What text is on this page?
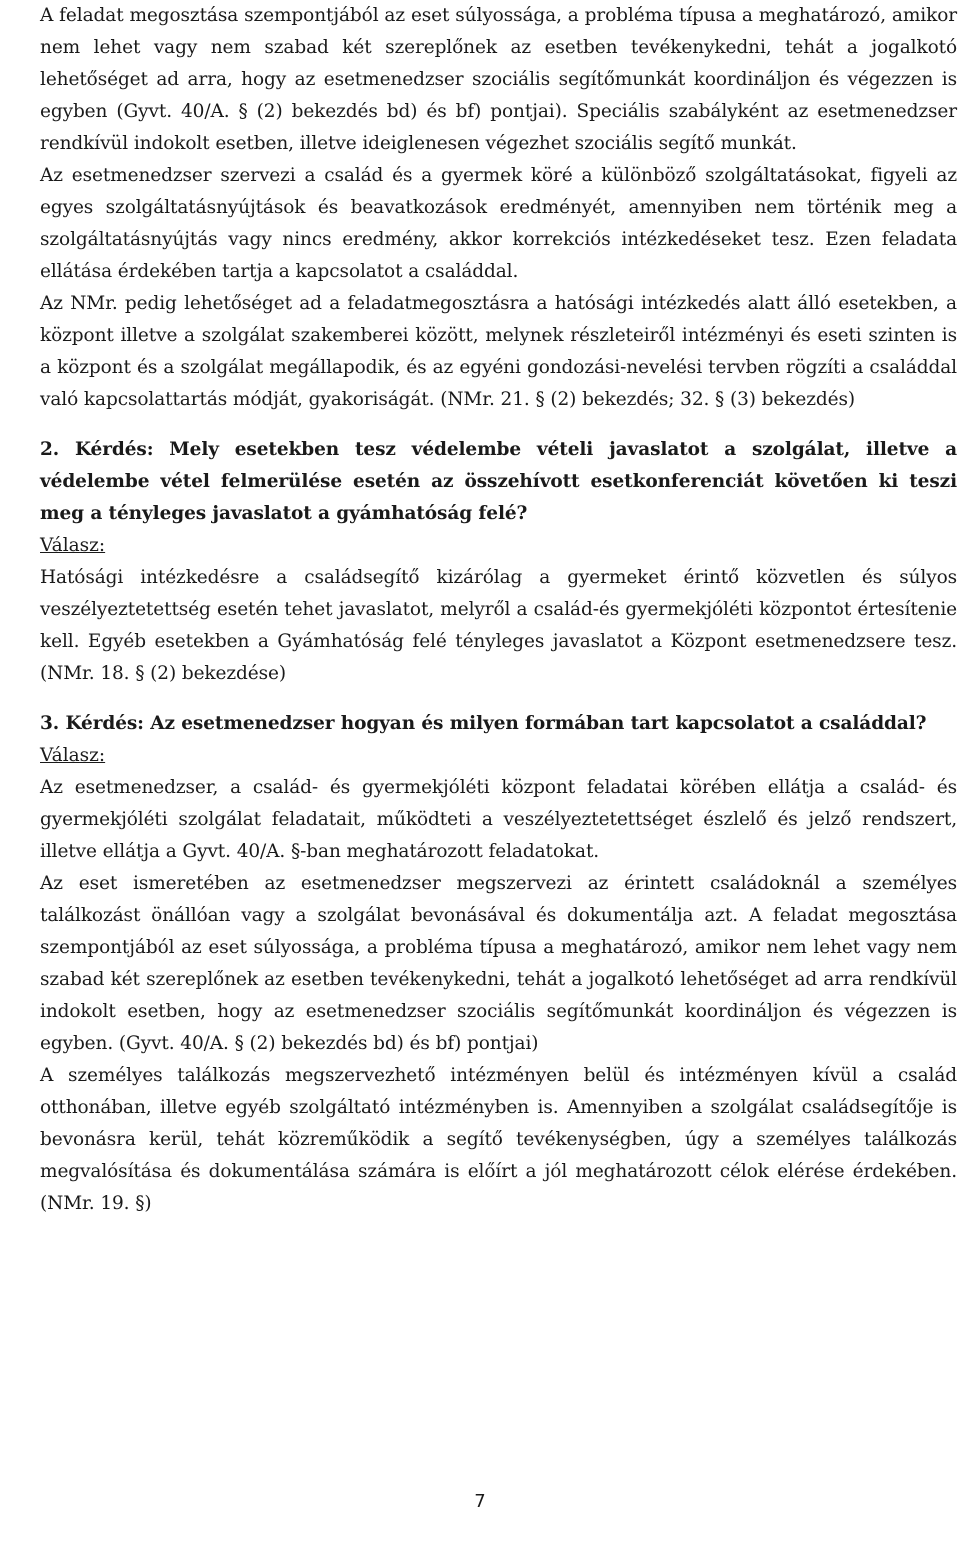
A feladat megosztása szempontjából az eset súlyossága, a probléma típusa a meghatározó, amikor nem lehet vagy nem szabad két szereplőnek az esetben tevékenykedni, tehát a jogalkotó lehetőséget ad arra, hogy az esetmenedzser szociális segítőmunkát koordináljon és végezzen is egyben (Gyvt. 40/A. § (2) bekezdés bd) és bf) pontjai). Speciális szabályként az esetmenedzser rendkívül indokolt esetben, illetve ideiglenesen végezhet szociális segítő munkát.

Az esetmenedzser szervezi a család és a gyermek köré a különböző szolgáltatásokat, figyeli az egyes szolgáltatásnyújtások és beavatkozások eredményét, amennyiben nem történik meg a szolgáltatásnyújtás vagy nincs eredmény, akkor korrekciós intézkedéseket tesz. Ezen feladata ellátása érdekében tartja a kapcsolatot a családdal.

Az NMr. pedig lehetőséget ad a feladatmegosztásra a hatósági intézkedés alatt álló esetekben, a központ illetve a szolgálat szakemberei között, melynek részleteiről intézményi és eseti szinten is a központ és a szolgálat megállapodik, és az egyéni gondozási-nevelési tervben rögzíti a családdal való kapcsolattartás módját, gyakoriságát. (NMr. 21. § (2) bekezdés; 32. § (3) bekezdés)

2. Kérdés: Mely esetekben tesz védelembe vételi javaslatot a szolgálat, illetve a védelembe vétel felmerülése esetén az összehívott esetkonferenciát követően ki teszi meg a tényleges javaslatot a gyámhatóság felé?

Válasz:

Hatósági intézkedésre a családsegítő kizárólag a gyermeket érintő közvetlen és súlyos veszélyeztetettség esetén tehet javaslatot, melyről a család-és gyermekjóléti központot értesítenie kell. Egyéb esetekben a Gyámhatóság felé tényleges javaslatot a Központ esetmenedzsere tesz. (NMr. 18. § (2) bekezdése)

3. Kérdés: Az esetmenedzser hogyan és milyen formában tart kapcsolatot a családdal?

Válasz:

Az esetmenedzser, a család- és gyermekjóléti központ feladatai körében ellátja a család- és gyermekjóléti szolgálat feladatait, működteti a veszélyeztetettséget észlelő és jelző rendszert, illetve ellátja a Gyvt. 40/A. §-ban meghatározott feladatokat.

Az eset ismeretében az esetmenedzser megszervezi az érintett családoknál a személyes találkozást önállóan vagy a szolgálat bevonásával és dokumentálja azt. A feladat megosztása szempontjából az eset súlyossága, a probléma típusa a meghatározó, amikor nem lehet vagy nem szabad két szereplőnek az esetben tevékenykedni, tehát a jogalkotó lehetőséget ad arra rendkívül indokolt esetben, hogy az esetmenedzser szociális segítőmunkát koordináljon és végezzen is egyben. (Gyvt. 40/A. § (2) bekezdés bd) és bf) pontjai)

A személyes találkozás megszervezhető intézményen belül és intézményen kívül a család otthonában, illetve egyéb szolgáltató intézményben is. Amennyiben a szolgálat családsegítője is bevonásra kerül, tehát közreműködik a segítő tevékenységben, úgy a személyes találkozás megvalósítása és dokumentálása számára is előírt a jól meghatározott célok elérése érdekében. (NMr. 19. §)

7
